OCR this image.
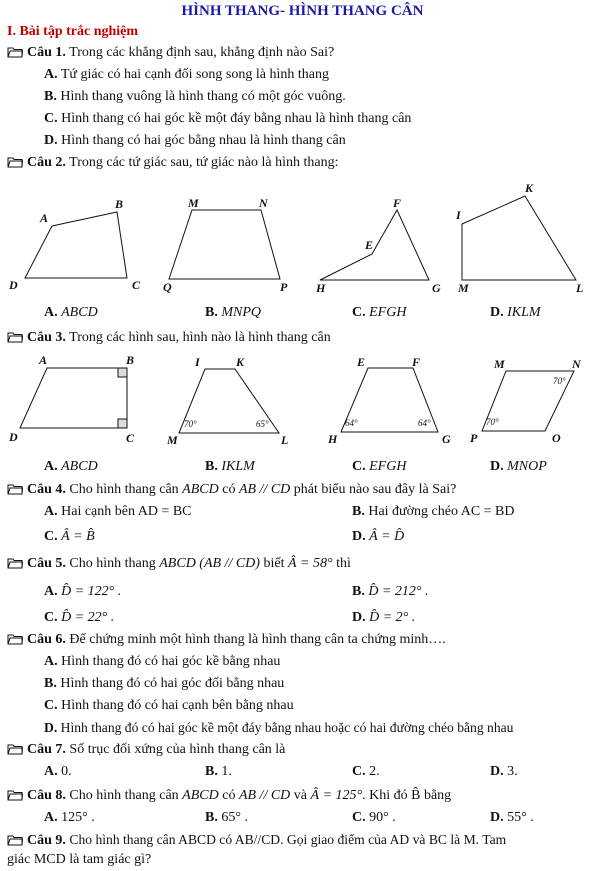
HÌNH THANG- HÌNH THANG CÂN
I. Bài tập trắc nghiệm
Câu 1. Trong các khẳng định sau, khẳng định nào Sai?
A. Tứ giác có hai cạnh đối song song là hình thang
B. Hình thang vuông là hình thang có một góc vuông.
C. Hình thang có hai góc kề một đáy bằng nhau là hình thang cân
D. Hình thang có hai góc bằng nhau là hình thang cân
Câu 2. Trong các tứ giác sau, tứ giác nào là hình thang:
A
B
C
D
M	N
P
Q
F
E
H	G
K
I
M	L
A. ABCD	B. MNPQ	C. EFGH	D. IKLM
Câu 3. Trong các hình sau, hình nào là hình thang cân
A	B
C
D
I	K
M	L
70°	65°
E	F
H	G
64°	64°
M	N
P	O
70°
70°
A. ABCD	B. IKLM	C. EFGH	D. MNOP
Câu 4. Cho hình thang cân ABCD có AB // CD phát biểu nào sau đây là Sai?
A. Hai cạnh bên AD = BC	B. Hai đường chéo AC = BD
C. Â = B̂	D. Â = D̂
Câu 5. Cho hình thang ABCD (AB // CD) biết Â = 58° thì
A. D̂ = 122° .	B. D̂ = 212° .
C. D̂ = 22° .	D. D̂ = 2° .
Câu 6. Để chứng minh một hình thang là hình thang cân ta chứng minh….
A. Hình thang đó có hai góc kề bằng nhau
B. Hình thang đó có hai góc đối bằng nhau
C. Hình thang đó có hai cạnh bên bằng nhau
D. Hình thang đó có hai góc kề một đáy bằng nhau hoặc có hai đường chéo bằng nhau
Câu 7. Số trục đối xứng của hình thang cân là
A. 0.	B. 1.	C. 2.	D. 3.
Câu 8. Cho hình thang cân ABCD có AB // CD và Â = 125°. Khi đó B̂ bằng
A. 125° .	B. 65° .	C. 90° .	D. 55° .
Câu 9. Cho hình thang cân ABCD có AB//CD. Gọi giao điểm của AD và BC là M. Tam
giác MCD là tam giác gì?
